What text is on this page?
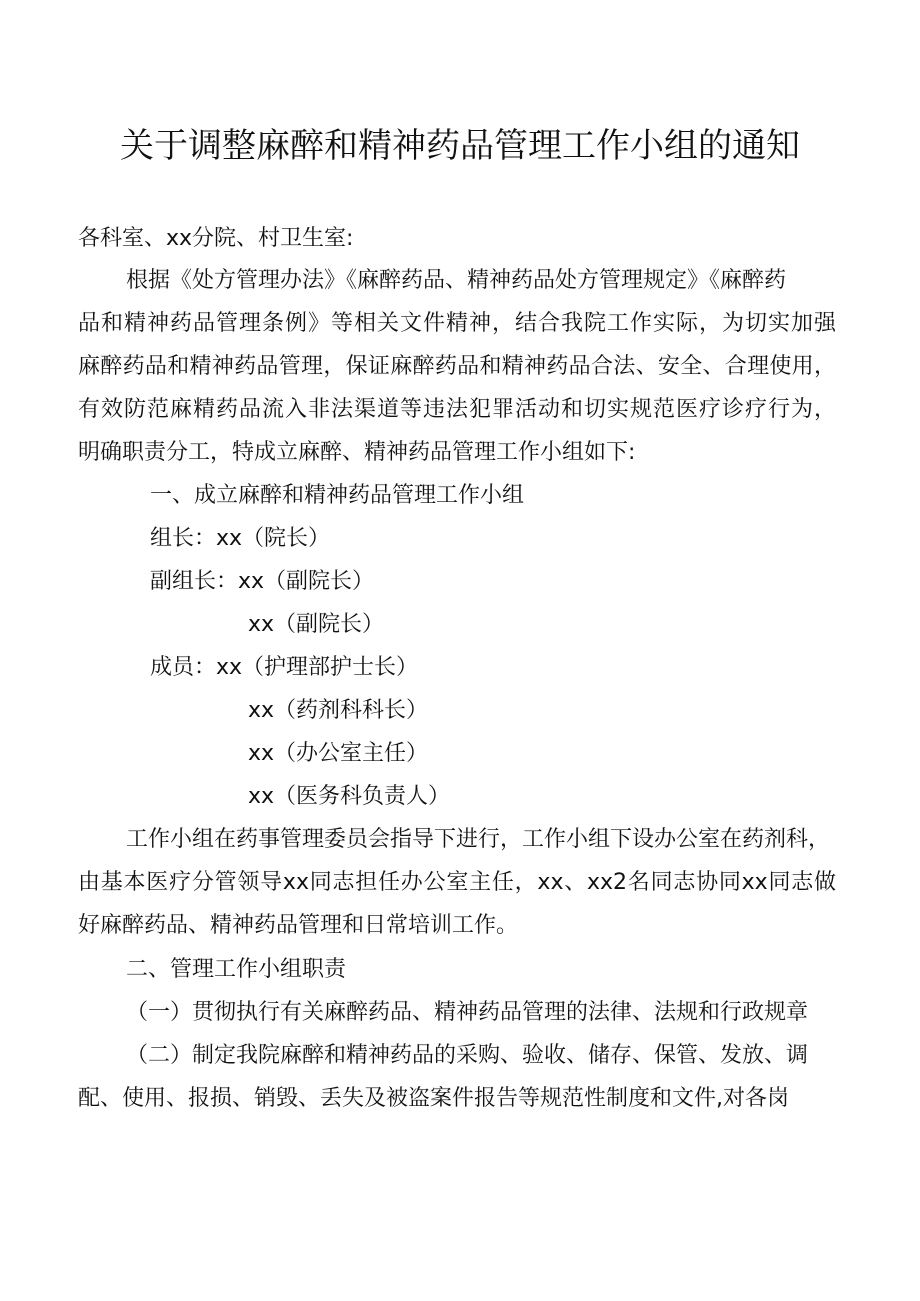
关于调整麻醉和精神药品管理工作小组的通知
各科室、xx分院、村卫生室:
根据《处方管理办法》《麻醉药品、精神药品处方管理规定》《麻醉药
品和精神药品管理条例》等相关文件精神，结合我院工作实际，为切实加强
麻醉药品和精神药品管理，保证麻醉药品和精神药品合法、安全、合理使用，
有效防范麻精药品流入非法渠道等违法犯罪活动和切实规范医疗诊疗行为，
明确职责分工，特成立麻醉、精神药品管理工作小组如下:
一、成立麻醉和精神药品管理工作小组
组长：xx（院长）
副组长：xx（副院长）
xx（副院长）
成员：xx（护理部护士长）
xx（药剂科科长）
xx（办公室主任）
xx（医务科负责人）
工作小组在药事管理委员会指导下进行，工作小组下设办公室在药剂科，
由基本医疗分管领导xx同志担任办公室主任，xx、xx2名同志协同xx同志做
好麻醉药品、精神药品管理和日常培训工作。
二、管理工作小组职责
（一）贯彻执行有关麻醉药品、精神药品管理的法律、法规和行政规章
（二）制定我院麻醉和精神药品的采购、验收、储存、保管、发放、调
配、使用、报损、销毁、丢失及被盗案件报告等规范性制度和文件,对各岗
